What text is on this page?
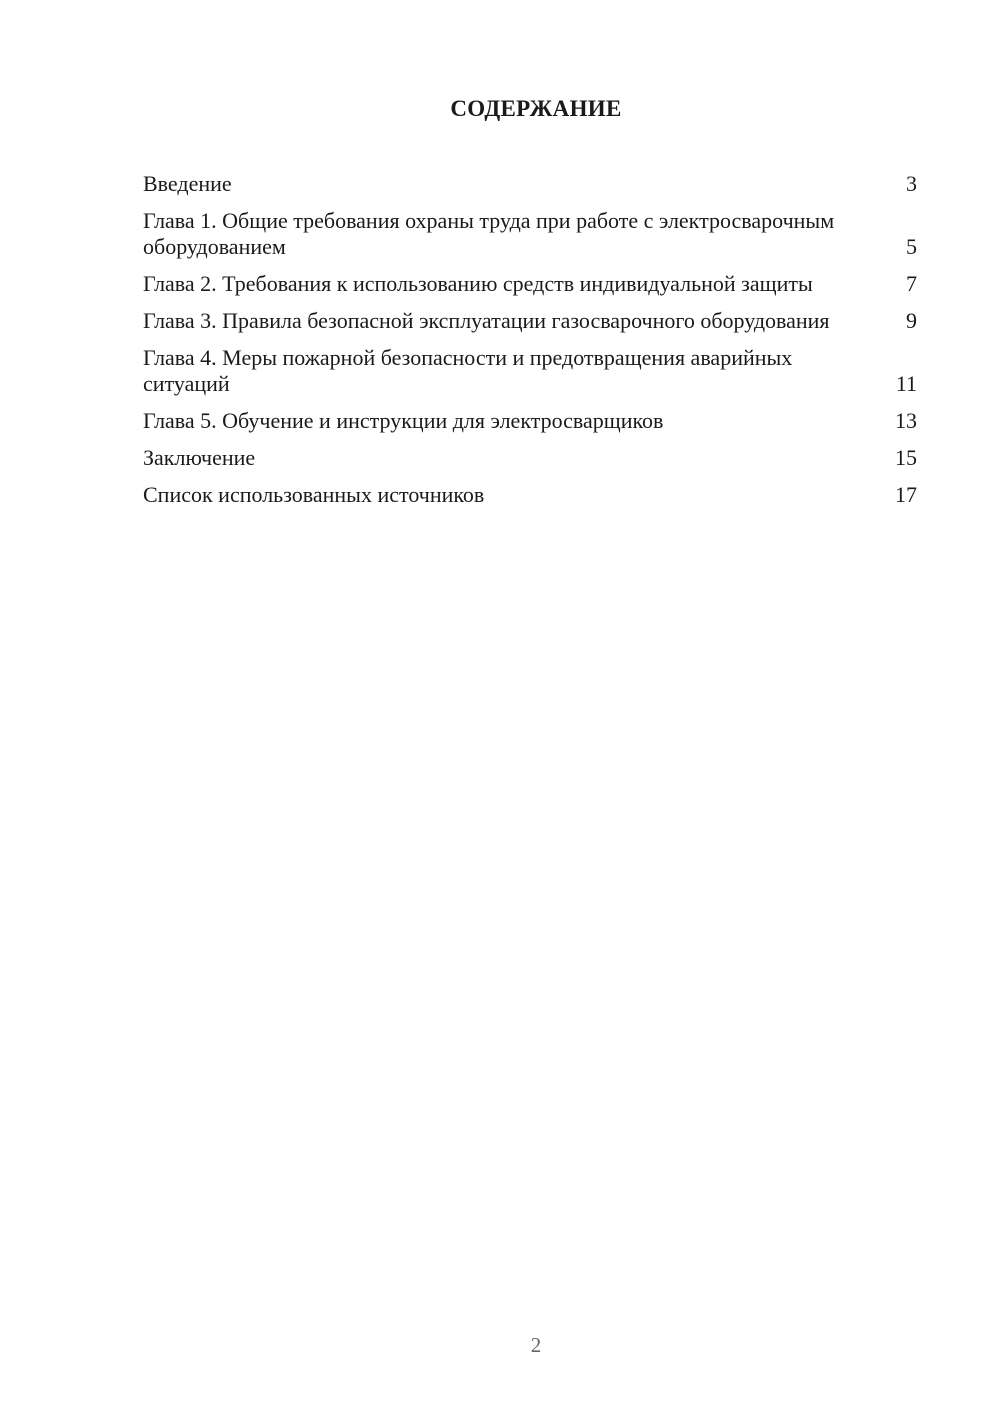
СОДЕРЖАНИЕ
Введение	3
Глава 1. Общие требования охраны труда при работе с электросварочным оборудованием	5
Глава 2. Требования к использованию средств индивидуальной защиты	7
Глава 3. Правила безопасной эксплуатации газосварочного оборудования	9
Глава 4. Меры пожарной безопасности и предотвращения аварийных ситуаций	11
Глава 5. Обучение и инструкции для электросварщиков	13
Заключение	15
Список использованных источников	17
2
